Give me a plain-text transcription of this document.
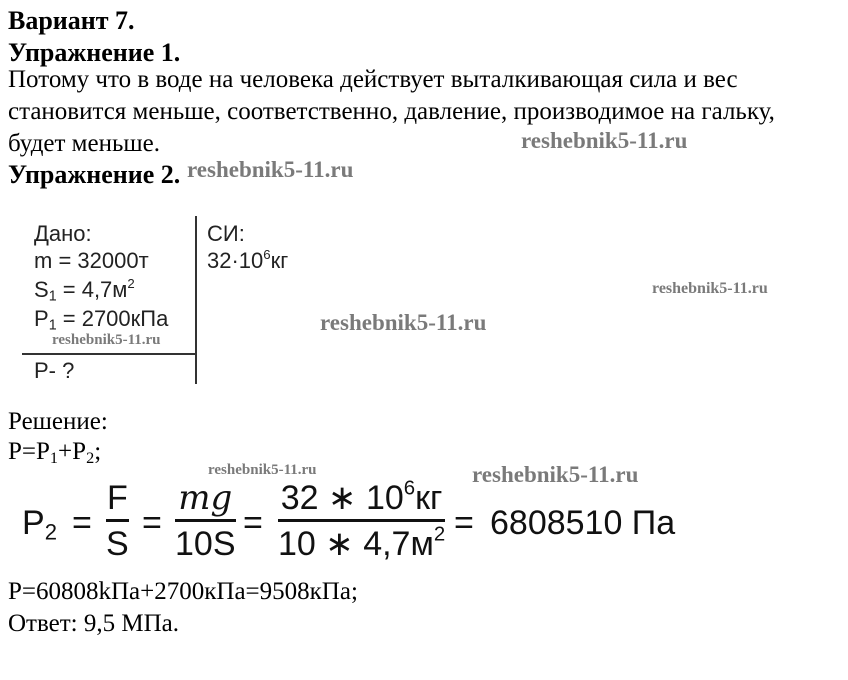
Вариант 7.
Упражнение 1.
Потому что в воде на человека действует выталкивающая сила и вес
становится меньше, соответственно, давление, производимое на гальку,
будет меньше.
Упражнение 2.
Дано:
m = 32000т
$S_1 = 4,7м^2$
$P_1 = 2700кПа$
Р- ?
СИ:
$32\cdot 10^6кг$
Решение:
$P=P_1+P_2$;
$P_2$ =
F
S
=
mg
10S
=
32 ∗ $10^6кг$
10 ∗ $4,7м^2 = 6808510$ Па
P=60808kПа+2700кПа=9508кПа;
Ответ: 9,5 МПа.
reshebnik5-11.ru
reshebnik5-11.ru
reshebnik5-11.ru
reshebnik5-11.ru
reshebnik5-11.ru
reshebnik5-11.ru	reshebnik5-11.ru
